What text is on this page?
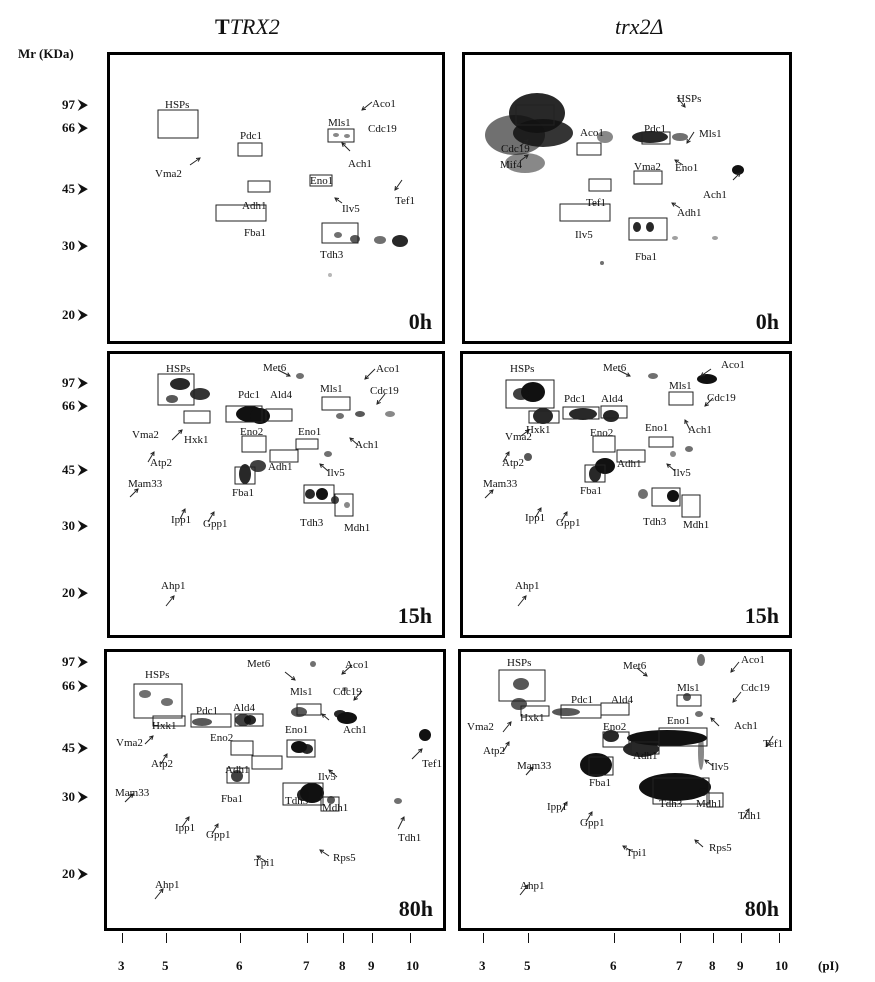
TTRX2	trx2Δ
Mr (KDa)
97 ⮞
66 ⮞
45 ⮞
30 ⮞
20 ⮞
97 ⮞
66 ⮞
45 ⮞
30 ⮞
20 ⮞
97 ⮞
66 ⮞
45 ⮞
30 ⮞
20 ⮞
HSPs
Pdc1
Mls1
Aco1
Cdc19
Ach1
Vma2
Eno1
Tef1
Adh1	Ilv5
Fba1
Tdh3
0h
HSPs
Aco1	Pdc1	Mls1
Cdc19
Mif4	Vma2 Eno1
Ach1
Tef1
Adh1
Ilv5
Fba1
0h
HSPs	Met6	Aco1
Pdc1 Ald4	Mls1 Cdc19
Hxk1
Vma2	Eno2	Eno1
Ach1
Atp2	Adh1	Ilv5
Mam33
Fba1
Ipp1 Gpp1	Tdh3 Mdh1
Ahp1
15h
HSPs	Met6	Aco1
Mls1
Pdc1 Ald4	Cdc19
Vma2
Hxk1	Eno2	Eno1 Ach1
Atp2	Adh1
Ilv5
Mam33
Fba1
Ipp1 Gpp1	Tdh3 Mdh1
Ahp1
15h
HSPs
Met6	Aco1
Mls1 Cdc19
Pdc1 Ald4
Vma2
Hxk1
Eno2
Eno1	Ach1
Atp2	Adh1	Tef1
Mam33
Ilv5
Fba1	Tdh3
Mdh1
Ipp1
Gpp1	Tdh1
Rps5
Tpi1
Ahp1
80h
HSPs	Met6	Aco1
Mls1	Cdc19
Pdc1 Ald4
Vma2
Hxk1
Eno2	Eno1	Ach1
Atp2
Tef1
Adh1
Mam33	Ilv5
Fba1
Tdh3 Mdh1
Ipp1
Gpp1
Tdh1
Rps5
Tpi1
Ahp1
80h
3	5	6	7 8 9 10	3	5	6	7 8 9 10 (pI)
